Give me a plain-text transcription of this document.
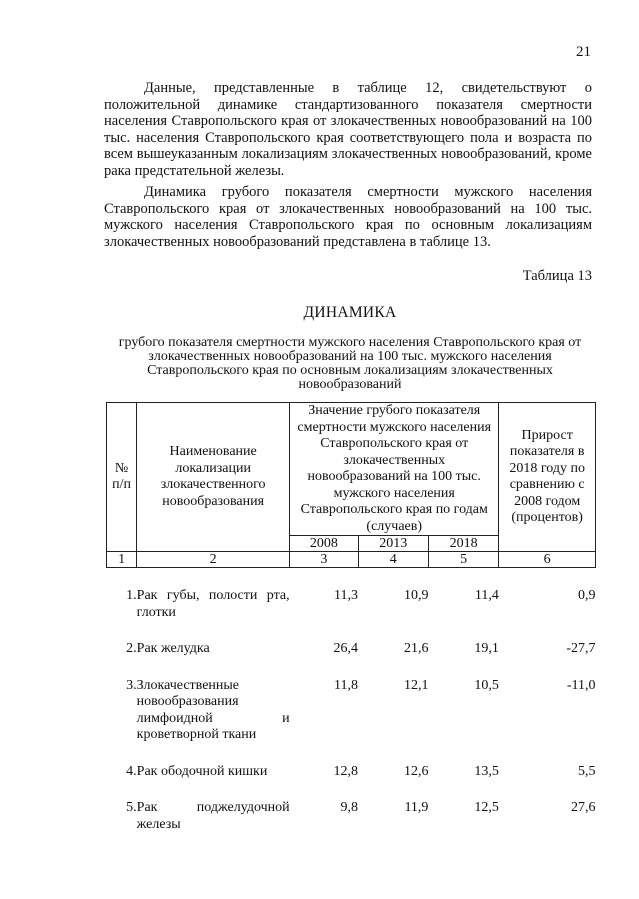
21

Данные, представленные в таблице 12, свидетельствуют о положительной динамике стандартизованного показателя смертности населения Ставропольского края от злокачественных новообразований на 100 тыс. населения Ставропольского края соответствующего пола и возраста по всем вышеуказанным локализациям злокачественных новообразований, кроме рака предстательной железы.

Динамика грубого показателя смертности мужского населения Ставропольского края от злокачественных новообразований на 100 тыс. мужского населения Ставропольского края по основным локализациям злокачественных новообразований представлена в таблице 13.

Таблица 13
ДИНАМИКА

грубого показателя смертности мужского населения Ставропольского края от злокачественных новообразований на 100 тыс. мужского населения Ставропольского края по основным локализациям злокачественных новообразований

№ п/п	Наименование локализации злокачественного новообразования	Значение грубого показателя смертности мужского населения Ставропольского края от злокачественных новообразований на 100 тыс. мужского населения Ставропольского края по годам (случаев)			Прирост показателя в 2018 году по сравнению с 2008 годом (процентов)
		2008	2013	2018	
1	2	3	4	5	6

1.	Рак губы, полости рта, глотки	11,3	10,9	11,4	0,9

2.	Рак желудка	26,4	21,6	19,1	-27,7

3.	Злокачественные новообразования лимфоидной и кроветворной ткани	11,8	12,1	10,5	-11,0

4.	Рак ободочной кишки	12,8	12,6	13,5	5,5

5.	Рак поджелудочной железы	9,8	11,9	12,5	27,6
